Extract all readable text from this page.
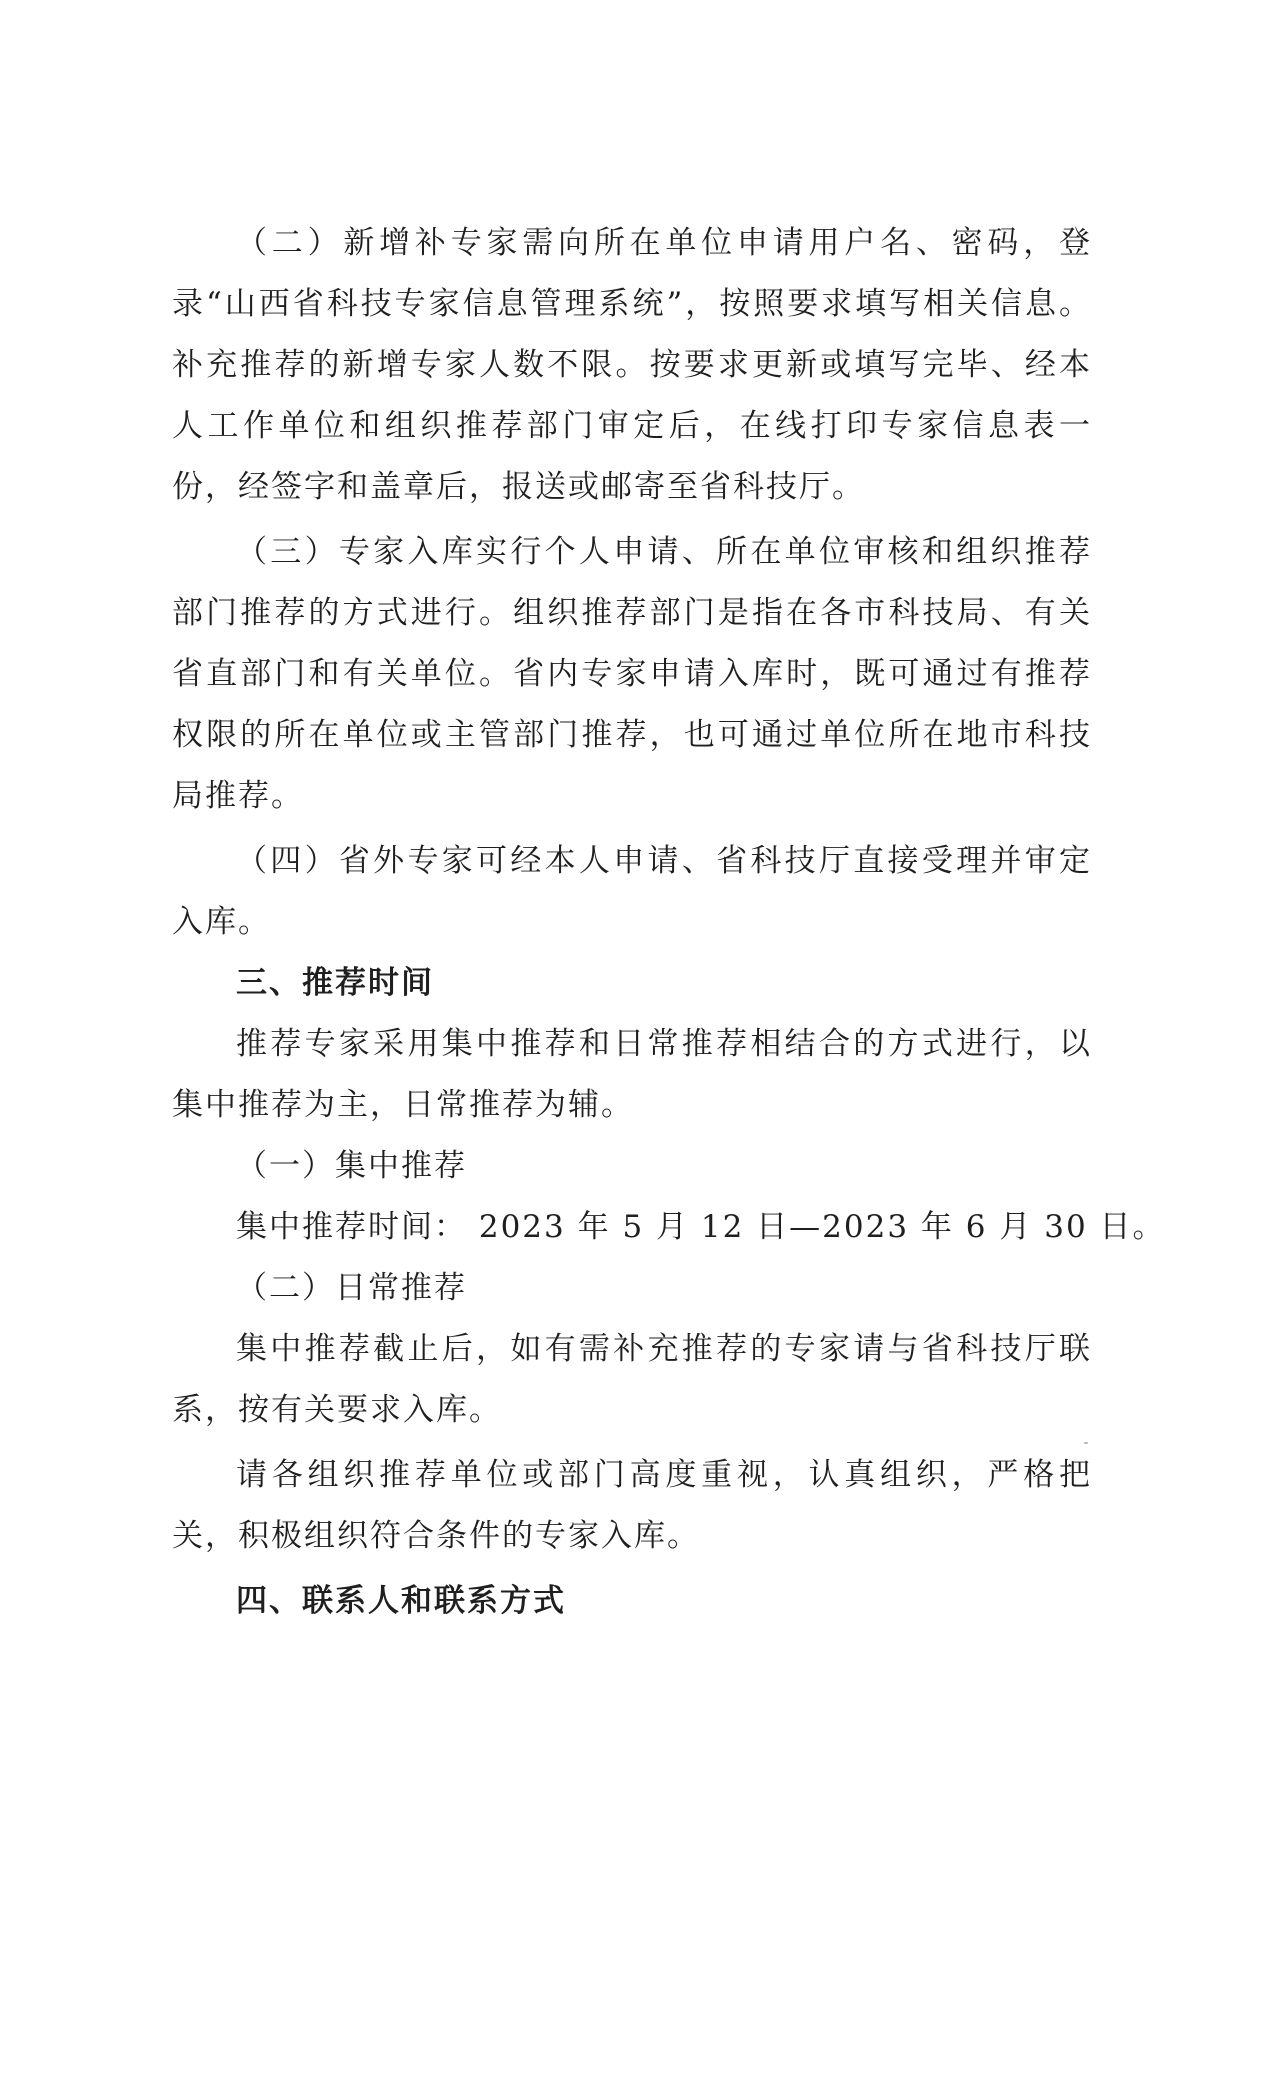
（二）新增补专家需向所在单位申请用户名、密码，登录“山西省科技专家信息管理系统”，按照要求填写相关信息。补充推荐的新增专家人数不限。按要求更新或填写完毕、经本人工作单位和组织推荐部门审定后，在线打印专家信息表一份，经签字和盖章后，报送或邮寄至省科技厅。

（三）专家入库实行个人申请、所在单位审核和组织推荐部门推荐的方式进行。组织推荐部门是指在各市科技局、有关省直部门和有关单位。省内专家申请入库时，既可通过有推荐权限的所在单位或主管部门推荐，也可通过单位所在地市科技局推荐。

（四）省外专家可经本人申请、省科技厅直接受理并审定入库。

三、推荐时间

推荐专家采用集中推荐和日常推荐相结合的方式进行，以集中推荐为主，日常推荐为辅。

（一）集中推荐

集中推荐时间： 2023 年 5 月 12 日—2023 年 6 月 30 日。

（二）日常推荐

集中推荐截止后，如有需补充推荐的专家请与省科技厅联系，按有关要求入库。

请各组织推荐单位或部门高度重视，认真组织，严格把关，积极组织符合条件的专家入库。

四、联系人和联系方式
